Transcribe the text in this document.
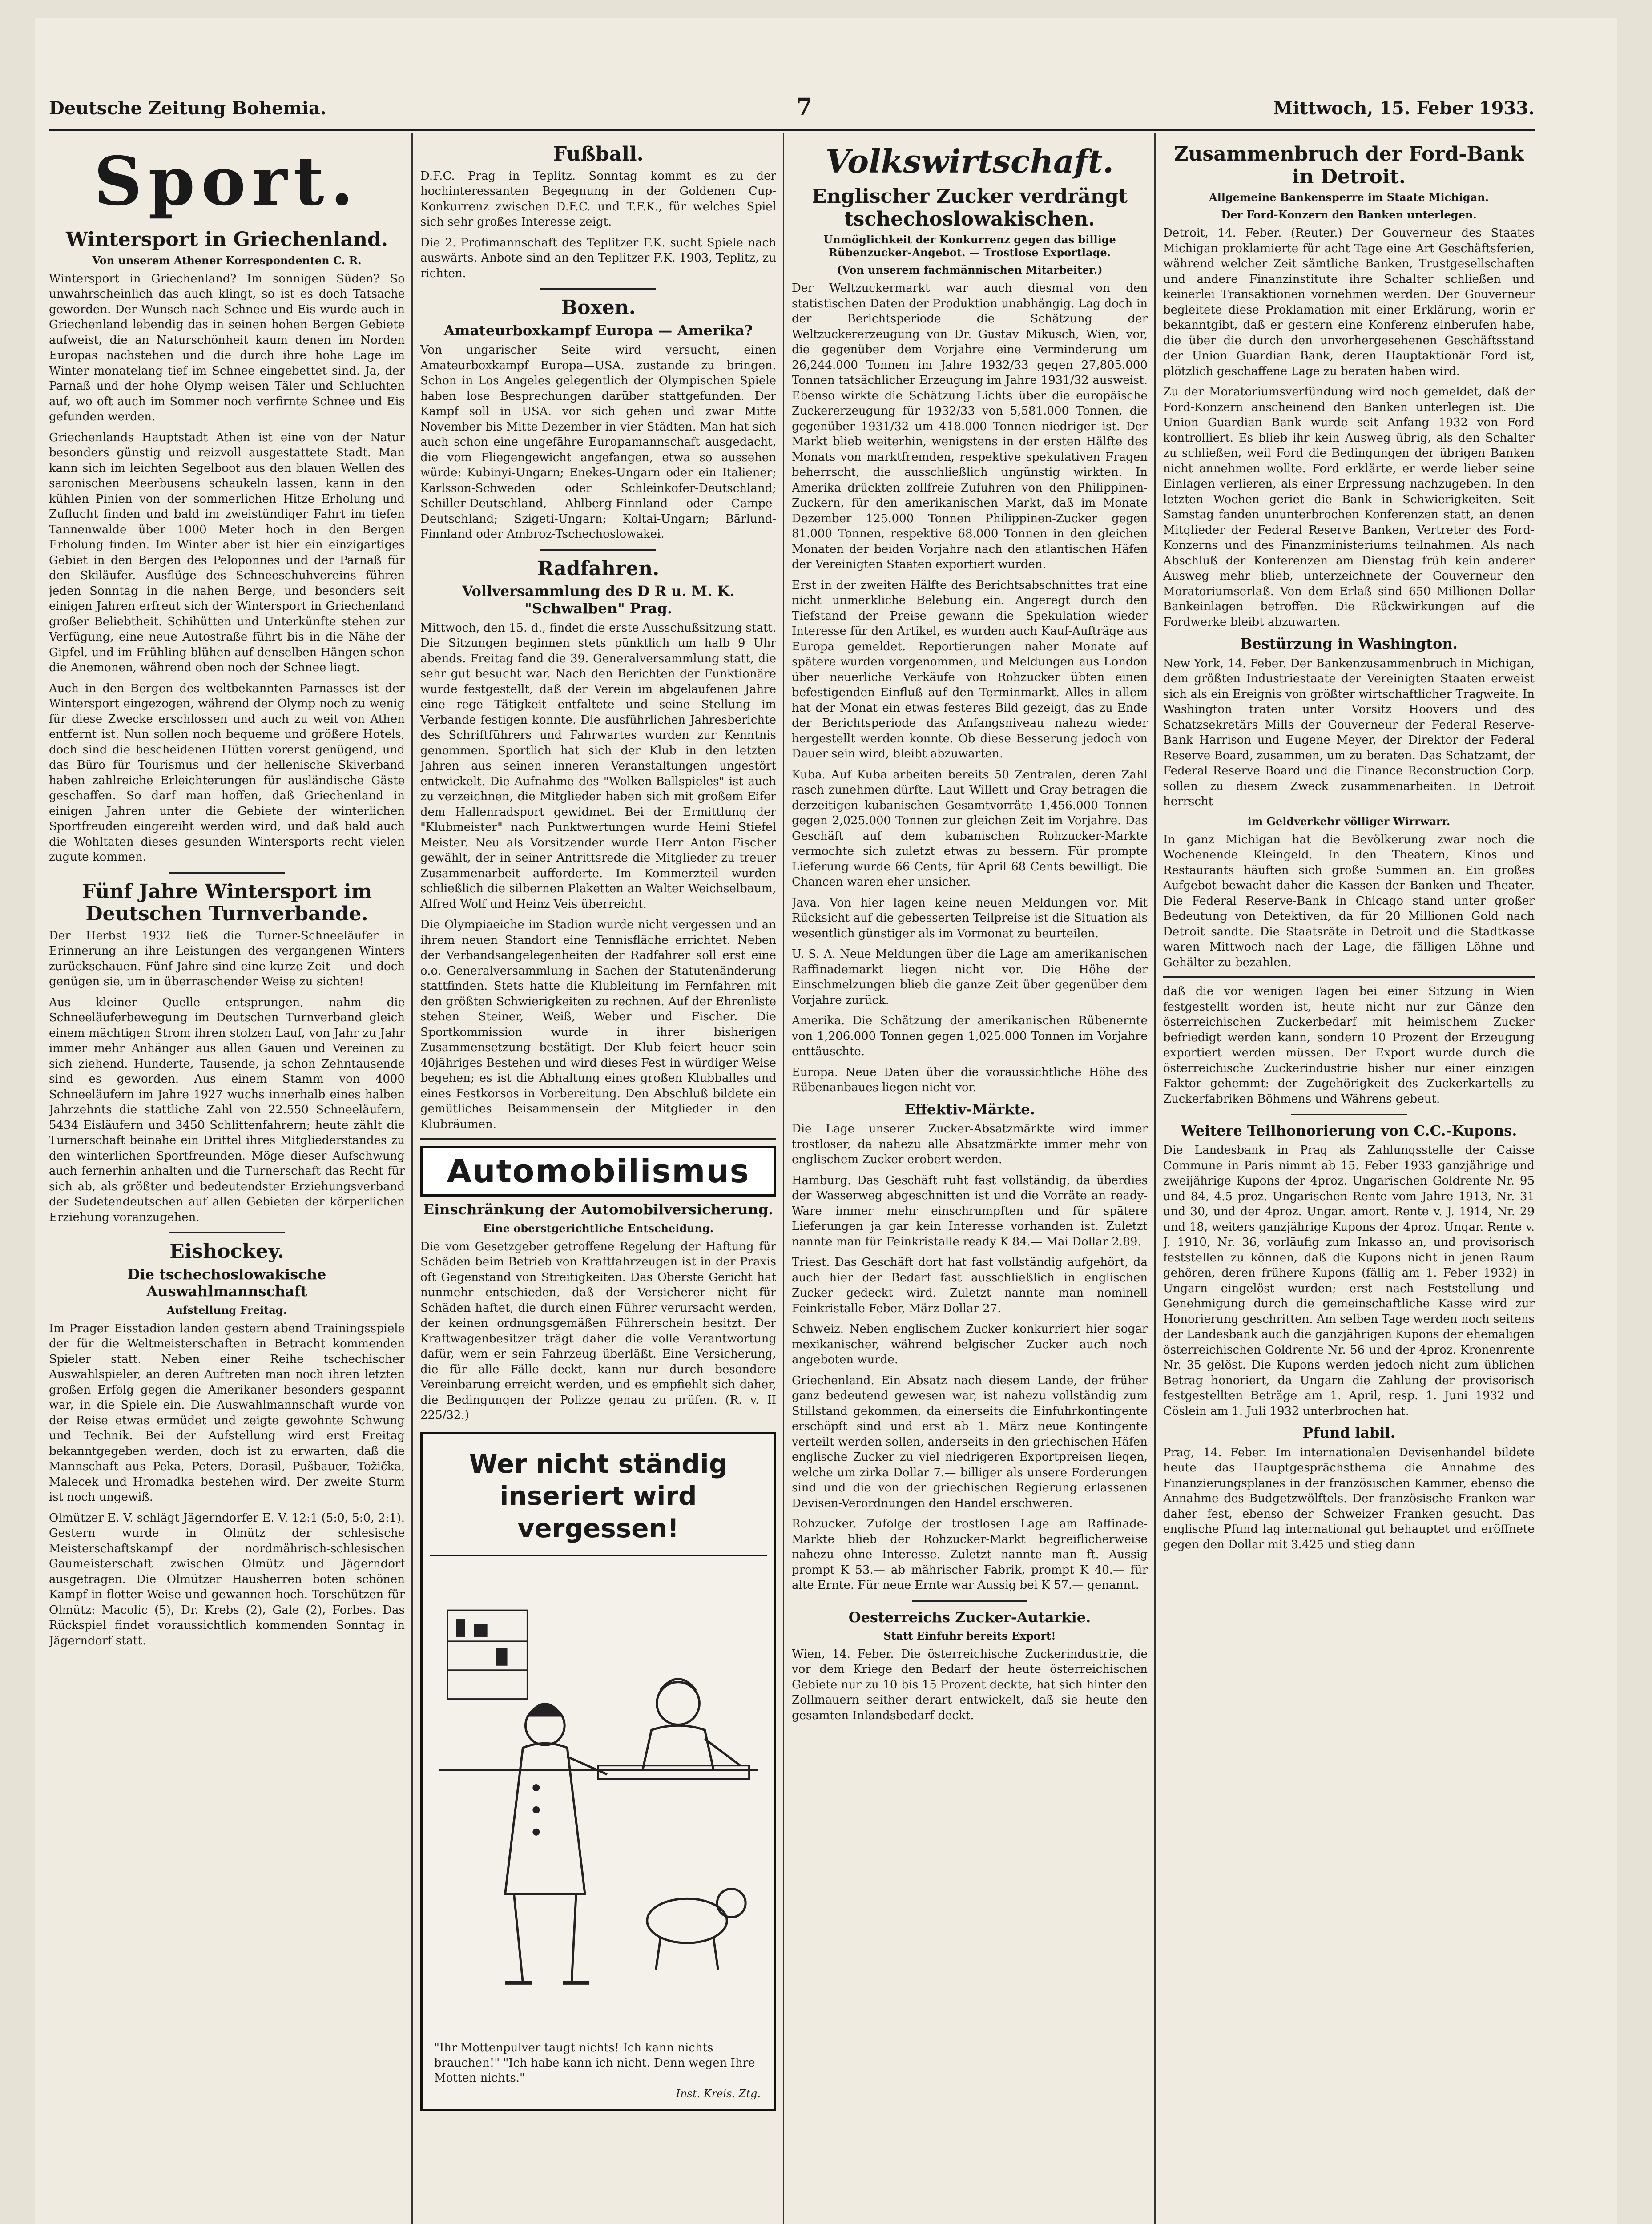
Deutsche Zeitung Bohemia.	7	Mittwoch, 15. Feber 1933.
Sport.
Wintersport in Griechenland.
Von unserem Athener Korrespondenten C. R.

Wintersport in Griechenland? Im sonnigen Süden? So unwahrscheinlich das auch klingt, so ist es doch Tatsache geworden. Der Wunsch nach Schnee und Eis wurde auch in Griechenland lebendig das in seinen hohen Bergen Gebiete aufweist, die an Naturschönheit kaum denen im Norden Europas nachstehen und die durch ihre hohe Lage im Winter monatelang tief im Schnee eingebettet sind. Ja, der Parnaß und der hohe Olymp weisen Täler und Schluchten auf, wo oft auch im Sommer noch verfirnte Schnee und Eis gefunden werden.

Griechenlands Hauptstadt Athen ist eine von der Natur besonders günstig und reizvoll ausgestattete Stadt. Man kann sich im leichten Segelboot aus den blauen Wellen des saronischen Meerbusens schaukeln lassen, kann in den kühlen Pinien von der sommerlichen Hitze Erholung und Zuflucht finden und bald im zweistündiger Fahrt im tiefen Tannenwalde über 1000 Meter hoch in den Bergen Erholung finden. Im Winter aber ist hier ein einzigartiges Gebiet in den Bergen des Peloponnes und der Parnaß für den Skiläufer. Ausflüge des Schneeschuhvereins führen jeden Sonntag in die nahen Berge, und besonders seit einigen Jahren erfreut sich der Wintersport in Griechenland großer Beliebtheit. Schihütten und Unterkünfte stehen zur Verfügung, eine neue Autostraße führt bis in die Nähe der Gipfel, und im Frühling blühen auf denselben Hängen schon die Anemonen, während oben noch der Schnee liegt.

Auch in den Bergen des weltbekannten Parnasses ist der Wintersport eingezogen, während der Olymp noch zu wenig für diese Zwecke erschlossen und auch zu weit von Athen entfernt ist. Nun sollen noch bequeme und größere Hotels, doch sind die bescheidenen Hütten vorerst genügend, und das Büro für Tourismus und der hellenische Skiverband haben zahlreiche Erleichterungen für ausländische Gäste geschaffen. So darf man hoffen, daß Griechenland in einigen Jahren unter die Gebiete der winterlichen Sportfreuden eingereiht werden wird, und daß bald auch die Wohltaten dieses gesunden Wintersports recht vielen zugute kommen.

Fünf Jahre Wintersport im Deutschen Turnverbande.

Der Herbst 1932 ließ die Turner-Schneeläufer in Erinnerung an ihre Leistungen des vergangenen Winters zurückschauen. Fünf Jahre sind eine kurze Zeit — und doch genügen sie, um in überraschender Weise zu sichten!

Aus kleiner Quelle entsprungen, nahm die Schneeläuferbewegung im Deutschen Turnverband gleich einem mächtigen Strom ihren stolzen Lauf, von Jahr zu Jahr immer mehr Anhänger aus allen Gauen und Vereinen zu sich ziehend. Hunderte, Tausende, ja schon Zehntausende sind es geworden. Aus einem Stamm von 4000 Schneeläufern im Jahre 1927 wuchs innerhalb eines halben Jahrzehnts die stattliche Zahl von 22.550 Schneeläufern, 5434 Eisläufern und 3450 Schlittenfahrern; heute zählt die Turnerschaft beinahe ein Drittel ihres Mitgliederstandes zu den winterlichen Sportfreunden. Möge dieser Aufschwung auch fernerhin anhalten und die Turnerschaft das Recht für sich ab, als größter und bedeutendster Erziehungsverband der Sudetendeutschen auf allen Gebieten der körperlichen Erziehung voranzugehen.

Eishockey.
Die tschechoslowakische Auswahlmannschaft
Aufstellung Freitag.

Im Prager Eisstadion landen gestern abend Trainingsspiele der für die Weltmeisterschaften in Betracht kommenden Spieler statt. Neben einer Reihe tschechischer Auswahlspieler, an deren Auftreten man noch ihren letzten großen Erfolg gegen die Amerikaner besonders gespannt war, in die Spiele ein. Die Auswahlmannschaft wurde von der Reise etwas ermüdet und zeigte gewohnte Schwung und Technik. Bei der Aufstellung wird erst Freitag bekanntgegeben werden, doch ist zu erwarten, daß die Mannschaft aus Peka, Peters, Dorasil, Pušbauer, Tožička, Malecek und Hromadka bestehen wird. Der zweite Sturm ist noch ungewiß.

Olmützer E. V. schlägt Jägerndorfer E. V. 12:1 (5:0, 5:0, 2:1). Gestern wurde in Olmütz der schlesische Meisterschaftskampf der nordmährisch-schlesischen Gaumeisterschaft zwischen Olmütz und Jägerndorf ausgetragen. Die Olmützer Hausherren boten schönen Kampf in flotter Weise und gewannen hoch. Torschützen für Olmütz: Macolic (5), Dr. Krebs (2), Gale (2), Forbes. Das Rückspiel findet voraussichtlich kommenden Sonntag in Jägerndorf statt.

Fußball.

D.F.C. Prag in Teplitz. Sonntag kommt es zu der hochinteressanten Begegnung in der Goldenen Cup-Konkurrenz zwischen D.F.C. und T.F.K., für welches Spiel sich sehr großes Interesse zeigt.

Die 2. Profimannschaft des Teplitzer F.K. sucht Spiele nach auswärts. Anbote sind an den Teplitzer F.K. 1903, Teplitz, zu richten.

Boxen.
Amateurboxkampf Europa — Amerika?

Von ungarischer Seite wird versucht, einen Amateurboxkampf Europa—USA. zustande zu bringen. Schon in Los Angeles gelegentlich der Olympischen Spiele haben lose Besprechungen darüber stattgefunden. Der Kampf soll in USA. vor sich gehen und zwar Mitte November bis Mitte Dezember in vier Städten. Man hat sich auch schon eine ungefähre Europamannschaft ausgedacht, die vom Fliegengewicht angefangen, etwa so aussehen würde: Kubinyi-Ungarn; Enekes-Ungarn oder ein Italiener; Karlsson-Schweden oder Schleinkofer-Deutschland; Schiller-Deutschland, Ahlberg-Finnland oder Campe-Deutschland; Szigeti-Ungarn; Koltai-Ungarn; Bärlund-Finnland oder Ambroz-Tschechoslowakei.

Radfahren.
Vollversammlung des D R u. M. K. "Schwalben" Prag.

Mittwoch, den 15. d., findet die erste Ausschußsitzung statt. Die Sitzungen beginnen stets pünktlich um halb 9 Uhr abends. Freitag fand die 39. Generalversammlung statt, die sehr gut besucht war. Nach den Berichten der Funktionäre wurde festgestellt, daß der Verein im abgelaufenen Jahre eine rege Tätigkeit entfaltete und seine Stellung im Verbande festigen konnte. Die ausführlichen Jahresberichte des Schriftführers und Fahrwartes wurden zur Kenntnis genommen. Sportlich hat sich der Klub in den letzten Jahren aus seinen inneren Veranstaltungen ungestört entwickelt. Die Aufnahme des "Wolken-Ballspieles" ist auch zu verzeichnen, die Mitglieder haben sich mit großem Eifer dem Hallenradsport gewidmet. Bei der Ermittlung der "Klubmeister" nach Punktwertungen wurde Heini Stiefel Meister. Neu als Vorsitzender wurde Herr Anton Fischer gewählt, der in seiner Antrittsrede die Mitglieder zu treuer Zusammenarbeit aufforderte. Im Kommerzteil wurden schließlich die silbernen Plaketten an Walter Weichselbaum, Alfred Wolf und Heinz Veis überreicht.

Die Olympiaeiche im Stadion wurde nicht vergessen und an ihrem neuen Standort eine Tennisfläche errichtet. Neben der Verbandsangelegenheiten der Radfahrer soll erst eine o.o. Generalversammlung in Sachen der Statutenänderung stattfinden. Stets hatte die Klubleitung im Fernfahren mit den größten Schwierigkeiten zu rechnen. Auf der Ehrenliste stehen Steiner, Weiß, Weber und Fischer. Die Sportkommission wurde in ihrer bisherigen Zusammensetzung bestätigt. Der Klub feiert heuer sein 40jähriges Bestehen und wird dieses Fest in würdiger Weise begehen; es ist die Abhaltung eines großen Klubballes und eines Festkorsos in Vorbereitung. Den Abschluß bildete ein gemütliches Beisammensein der Mitglieder in den Klubräumen.

Automobilismus
Einschränkung der Automobilversicherung.
Eine oberstgerichtliche Entscheidung.

Die vom Gesetzgeber getroffene Regelung der Haftung für Schäden beim Betrieb von Kraftfahrzeugen ist in der Praxis oft Gegenstand von Streitigkeiten. Das Oberste Gericht hat nunmehr entschieden, daß der Versicherer nicht für Schäden haftet, die durch einen Führer verursacht werden, der keinen ordnungsgemäßen Führerschein besitzt. Der Kraftwagenbesitzer trägt daher die volle Verantwortung dafür, wem er sein Fahrzeug überläßt. Eine Versicherung, die für alle Fälle deckt, kann nur durch besondere Vereinbarung erreicht werden, und es empfiehlt sich daher, die Bedingungen der Polizze genau zu prüfen. (R. v. II 225/32.)

Wer nicht ständig inseriert wird vergessen!
"Ihr Mottenpulver taugt nichts! Ich kann nichts brauchen!" "Ich habe kann ich nicht. Denn wegen Ihre Motten nichts."
Inst. Kreis. Ztg.
Volkswirtschaft.
Englischer Zucker verdrängt tschechoslowakischen.
Unmöglichkeit der Konkurrenz gegen das billige Rübenzucker-Angebot. — Trostlose Exportlage.
(Von unserem fachmännischen Mitarbeiter.)

Der Weltzuckermarkt war auch diesmal von den statistischen Daten der Produktion unabhängig. Lag doch in der Berichtsperiode die Schätzung der Weltzuckererzeugung von Dr. Gustav Mikusch, Wien, vor, die gegenüber dem Vorjahre eine Verminderung um 26,244.000 Tonnen im Jahre 1932/33 gegen 27,805.000 Tonnen tatsächlicher Erzeugung im Jahre 1931/32 ausweist. Ebenso wirkte die Schätzung Lichts über die europäische Zuckererzeugung für 1932/33 von 5,581.000 Tonnen, die gegenüber 1931/32 um 418.000 Tonnen niedriger ist. Der Markt blieb weiterhin, wenigstens in der ersten Hälfte des Monats von marktfremden, respektive spekulativen Fragen beherrscht, die ausschließlich ungünstig wirkten. In Amerika drückten zollfreie Zufuhren von den Philippinen-Zuckern, für den amerikanischen Markt, daß im Monate Dezember 125.000 Tonnen Philippinen-Zucker gegen 81.000 Tonnen, respektive 68.000 Tonnen in den gleichen Monaten der beiden Vorjahre nach den atlantischen Häfen der Vereinigten Staaten exportiert wurden.

Erst in der zweiten Hälfte des Berichtsabschnittes trat eine nicht unmerkliche Belebung ein. Angeregt durch den Tiefstand der Preise gewann die Spekulation wieder Interesse für den Artikel, es wurden auch Kauf-Aufträge aus Europa gemeldet. Reportierungen naher Monate auf spätere wurden vorgenommen, und Meldungen aus London über neuerliche Verkäufe von Rohzucker übten einen befestigenden Einfluß auf den Terminmarkt. Alles in allem hat der Monat ein etwas festeres Bild gezeigt, das zu Ende der Berichtsperiode das Anfangsniveau nahezu wieder hergestellt werden konnte. Ob diese Besserung jedoch von Dauer sein wird, bleibt abzuwarten.

Kuba. Auf Kuba arbeiten bereits 50 Zentralen, deren Zahl rasch zunehmen dürfte. Laut Willett und Gray betragen die derzeitigen kubanischen Gesamtvorräte 1,456.000 Tonnen gegen 2,025.000 Tonnen zur gleichen Zeit im Vorjahre. Das Geschäft auf dem kubanischen Rohzucker-Markte vermochte sich zuletzt etwas zu bessern. Für prompte Lieferung wurde 66 Cents, für April 68 Cents bewilligt. Die Chancen waren eher unsicher.

Java. Von hier lagen keine neuen Meldungen vor. Mit Rücksicht auf die gebesserten Teilpreise ist die Situation als wesentlich günstiger als im Vormonat zu beurteilen.

U. S. A. Neue Meldungen über die Lage am amerikanischen Raffinademarkt liegen nicht vor. Die Höhe der Einschmelzungen blieb die ganze Zeit über gegenüber dem Vorjahre zurück.

Amerika. Die Schätzung der amerikanischen Rübenernte von 1,206.000 Tonnen gegen 1,025.000 Tonnen im Vorjahre enttäuschte.

Europa. Neue Daten über die voraussichtliche Höhe des Rübenanbaues liegen nicht vor.

Effektiv-Märkte.

Die Lage unserer Zucker-Absatzmärkte wird immer trostloser, da nahezu alle Absatzmärkte immer mehr von englischem Zucker erobert werden.

Hamburg. Das Geschäft ruht fast vollständig, da überdies der Wasserweg abgeschnitten ist und die Vorräte an ready-Ware immer mehr einschrumpften und für spätere Lieferungen ja gar kein Interesse vorhanden ist. Zuletzt nannte man für Feinkristalle ready K 84.— Mai Dollar 2.89.

Triest. Das Geschäft dort hat fast vollständig aufgehört, da auch hier der Bedarf fast ausschließlich in englischen Zucker gedeckt wird. Zuletzt nannte man nominell Feinkristalle Feber, März Dollar 27.—

Schweiz. Neben englischem Zucker konkurriert hier sogar mexikanischer, während belgischer Zucker auch noch angeboten wurde.

Griechenland. Ein Absatz nach diesem Lande, der früher ganz bedeutend gewesen war, ist nahezu vollständig zum Stillstand gekommen, da einerseits die Einfuhrkontingente erschöpft sind und erst ab 1. März neue Kontingente verteilt werden sollen, anderseits in den griechischen Häfen englische Zucker zu viel niedrigeren Exportpreisen liegen, welche um zirka Dollar 7.— billiger als unsere Forderungen sind und die von der griechischen Regierung erlassenen Devisen-Verordnungen den Handel erschweren.

Rohzucker. Zufolge der trostlosen Lage am Raffinade-Markte blieb der Rohzucker-Markt begreiflicherweise nahezu ohne Interesse. Zuletzt nannte man ft. Aussig prompt K 53.— ab mährischer Fabrik, prompt K 40.— für alte Ernte. Für neue Ernte war Aussig bei K 57.— genannt.

Oesterreichs Zucker-Autarkie.
Statt Einfuhr bereits Export!

Wien, 14. Feber. Die österreichische Zuckerindustrie, die vor dem Kriege den Bedarf der heute österreichischen Gebiete nur zu 10 bis 15 Prozent deckte, hat sich hinter den Zollmauern seither derart entwickelt, daß sie heute den gesamten Inlandsbedarf deckt.

Zusammenbruch der Ford-Bank in Detroit.
Allgemeine Bankensperre im Staate Michigan.
Der Ford-Konzern den Banken unterlegen.

Detroit, 14. Feber. (Reuter.) Der Gouverneur des Staates Michigan proklamierte für acht Tage eine Art Geschäftsferien, während welcher Zeit sämtliche Banken, Trustgesellschaften und andere Finanzinstitute ihre Schalter schließen und keinerlei Transaktionen vornehmen werden. Der Gouverneur begleitete diese Proklamation mit einer Erklärung, worin er bekanntgibt, daß er gestern eine Konferenz einberufen habe, die über die durch den unvorhergesehenen Geschäftsstand der Union Guardian Bank, deren Hauptaktionär Ford ist, plötzlich geschaffene Lage zu beraten haben wird.

Zu der Moratoriumsverfündung wird noch gemeldet, daß der Ford-Konzern anscheinend den Banken unterlegen ist. Die Union Guardian Bank wurde seit Anfang 1932 von Ford kontrolliert. Es blieb ihr kein Ausweg übrig, als den Schalter zu schließen, weil Ford die Bedingungen der übrigen Banken nicht annehmen wollte. Ford erklärte, er werde lieber seine Einlagen verlieren, als einer Erpressung nachzugeben. In den letzten Wochen geriet die Bank in Schwierigkeiten. Seit Samstag fanden ununterbrochen Konferenzen statt, an denen Mitglieder der Federal Reserve Banken, Vertreter des Ford-Konzerns und des Finanzministeriums teilnahmen. Als nach Abschluß der Konferenzen am Dienstag früh kein anderer Ausweg mehr blieb, unterzeichnete der Gouverneur den Moratoriumserlaß. Von dem Erlaß sind 650 Millionen Dollar Bankeinlagen betroffen. Die Rückwirkungen auf die Fordwerke bleibt abzuwarten.

Bestürzung in Washington.

New York, 14. Feber. Der Bankenzusammenbruch in Michigan, dem größten Industriestaate der Vereinigten Staaten erweist sich als ein Ereignis von größter wirtschaftlicher Tragweite. In Washington traten unter Vorsitz Hoovers und des Schatzsekretärs Mills der Gouverneur der Federal Reserve-Bank Harrison und Eugene Meyer, der Direktor der Federal Reserve Board, zusammen, um zu beraten. Das Schatzamt, der Federal Reserve Board und die Finance Reconstruction Corp. sollen zu diesem Zweck zusammenarbeiten. In Detroit herrscht

im Geldverkehr völliger Wirrwarr.

In ganz Michigan hat die Bevölkerung zwar noch die Wochenende Kleingeld. In den Theatern, Kinos und Restaurants häuften sich große Summen an. Ein großes Aufgebot bewacht daher die Kassen der Banken und Theater. Die Federal Reserve-Bank in Chicago stand unter großer Bedeutung von Detektiven, da für 20 Millionen Gold nach Detroit sandte. Die Staatsräte in Detroit und die Stadtkasse waren Mittwoch nach der Lage, die fälligen Löhne und Gehälter zu bezahlen.

daß die vor wenigen Tagen bei einer Sitzung in Wien festgestellt worden ist, heute nicht nur zur Gänze den österreichischen Zuckerbedarf mit heimischem Zucker befriedigt werden kann, sondern 10 Prozent der Erzeugung exportiert werden müssen. Der Export wurde durch die österreichische Zuckerindustrie bisher nur einer einzigen Faktor gehemmt: der Zugehörigkeit des Zuckerkartells zu Zuckerfabriken Böhmens und Währens gebeut.

Weitere Teilhonorierung von C.C.-Kupons.

Die Landesbank in Prag als Zahlungsstelle der Caisse Commune in Paris nimmt ab 15. Feber 1933 ganzjährige und zweijährige Kupons der 4proz. Ungarischen Goldrente Nr. 95 und 84, 4.5 proz. Ungarischen Rente vom Jahre 1913, Nr. 31 und 30, und der 4proz. Ungar. amort. Rente v. J. 1914, Nr. 29 und 18, weiters ganzjährige Kupons der 4proz. Ungar. Rente v. J. 1910, Nr. 36, vorläufig zum Inkasso an, und provisorisch feststellen zu können, daß die Kupons nicht in jenen Raum gehören, deren frühere Kupons (fällig am 1. Feber 1932) in Ungarn eingelöst wurden; erst nach Feststellung und Genehmigung durch die gemeinschaftliche Kasse wird zur Honorierung geschritten. Am selben Tage werden noch seitens der Landesbank auch die ganzjährigen Kupons der ehemaligen österreichischen Goldrente Nr. 56 und der 4proz. Kronenrente Nr. 35 gelöst. Die Kupons werden jedoch nicht zum üblichen Betrag honoriert, da Ungarn die Zahlung der provisorisch festgestellten Beträge am 1. April, resp. 1. Juni 1932 und Cöslein am 1. Juli 1932 unterbrochen hat.

Pfund labil.

Prag, 14. Feber. Im internationalen Devisenhandel bildete heute das Hauptgesprächsthema die Annahme des Finanzierungsplanes in der französischen Kammer, ebenso die Annahme des Budgetzwölftels. Der französische Franken war daher fest, ebenso der Schweizer Franken gesucht. Das englische Pfund lag international gut behauptet und eröffnete gegen den Dollar mit 3.425 und stieg dann
